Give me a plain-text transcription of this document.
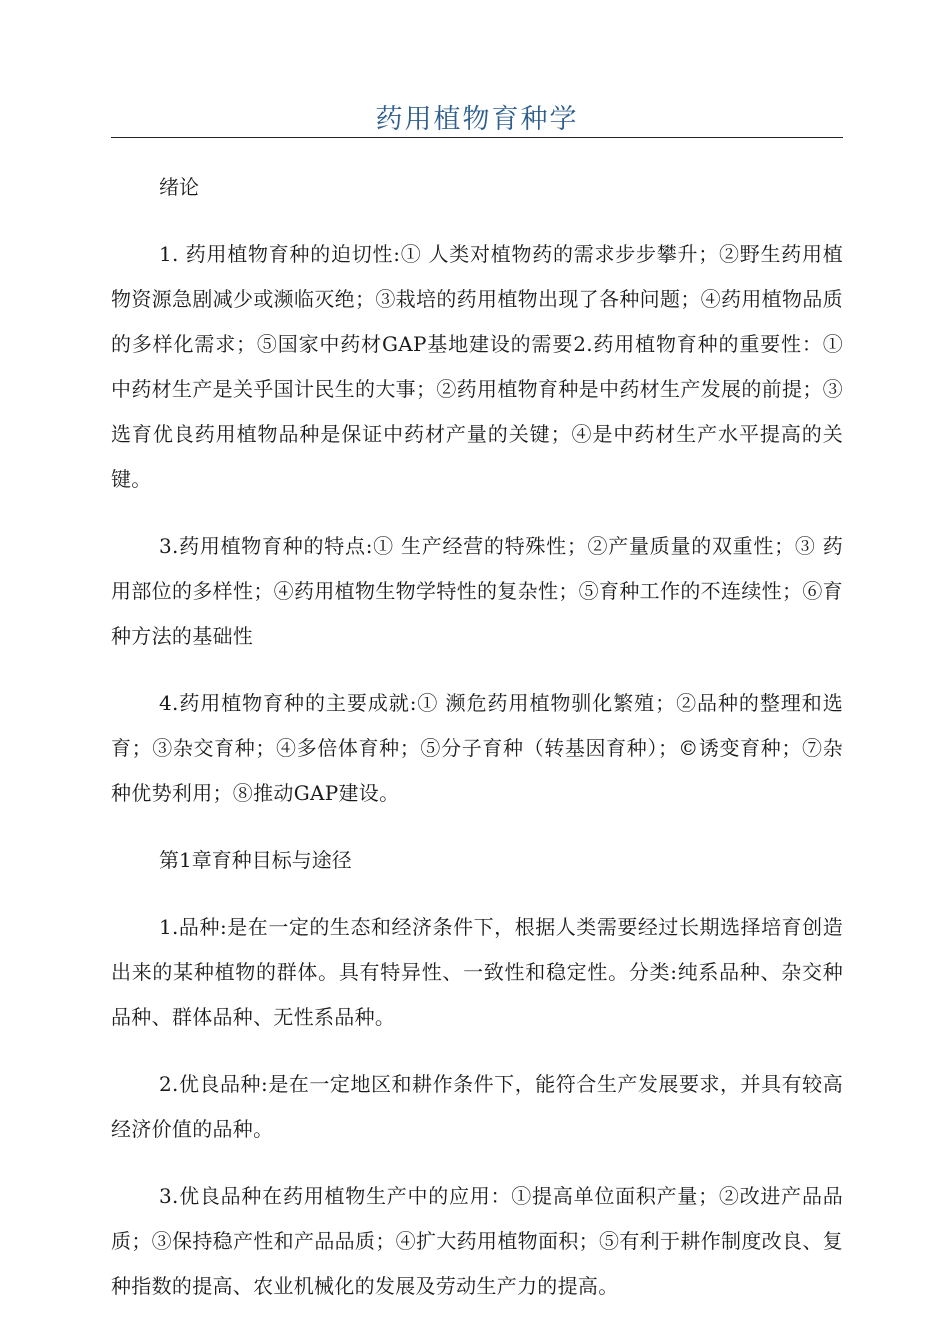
药用植物育种学

绪论

1. 药用植物育种的迫切性:① 人类对植物药的需求步步攀升；②野生药用植物资源急剧减少或濒临灭绝；③栽培的药用植物出现了各种问题；④药用植物品质的多样化需求；⑤国家中药材GAP基地建设的需要2.药用植物育种的重要性：①中药材生产是关乎国计民生的大事；②药用植物育种是中药材生产发展的前提；③选育优良药用植物品种是保证中药材产量的关键；④是中药材生产水平提高的关键。

3.药用植物育种的特点:① 生产经营的特殊性；②产量质量的双重性；③ 药用部位的多样性；④药用植物生物学特性的复杂性；⑤育种工作的不连续性；⑥育种方法的基础性

4.药用植物育种的主要成就:① 濒危药用植物驯化繁殖；②品种的整理和选育；③杂交育种；④多倍体育种；⑤分子育种（转基因育种）；©诱变育种；⑦杂种优势利用；⑧推动GAP建设。

第1章育种目标与途径

1.品种:是在一定的生态和经济条件下，根据人类需要经过长期选择培育创造出来的某种植物的群体。具有特异性、一致性和稳定性。分类:纯系品种、杂交种品种、群体品种、无性系品种。

2.优良品种:是在一定地区和耕作条件下，能符合生产发展要求，并具有较高经济价值的品种。

3.优良品种在药用植物生产中的应用：①提高单位面积产量；②改进产品品质；③保持稳产性和产品品质；④扩大药用植物面积；⑤有利于耕作制度改良、复种指数的提高、农业机械化的发展及劳动生产力的提高。
